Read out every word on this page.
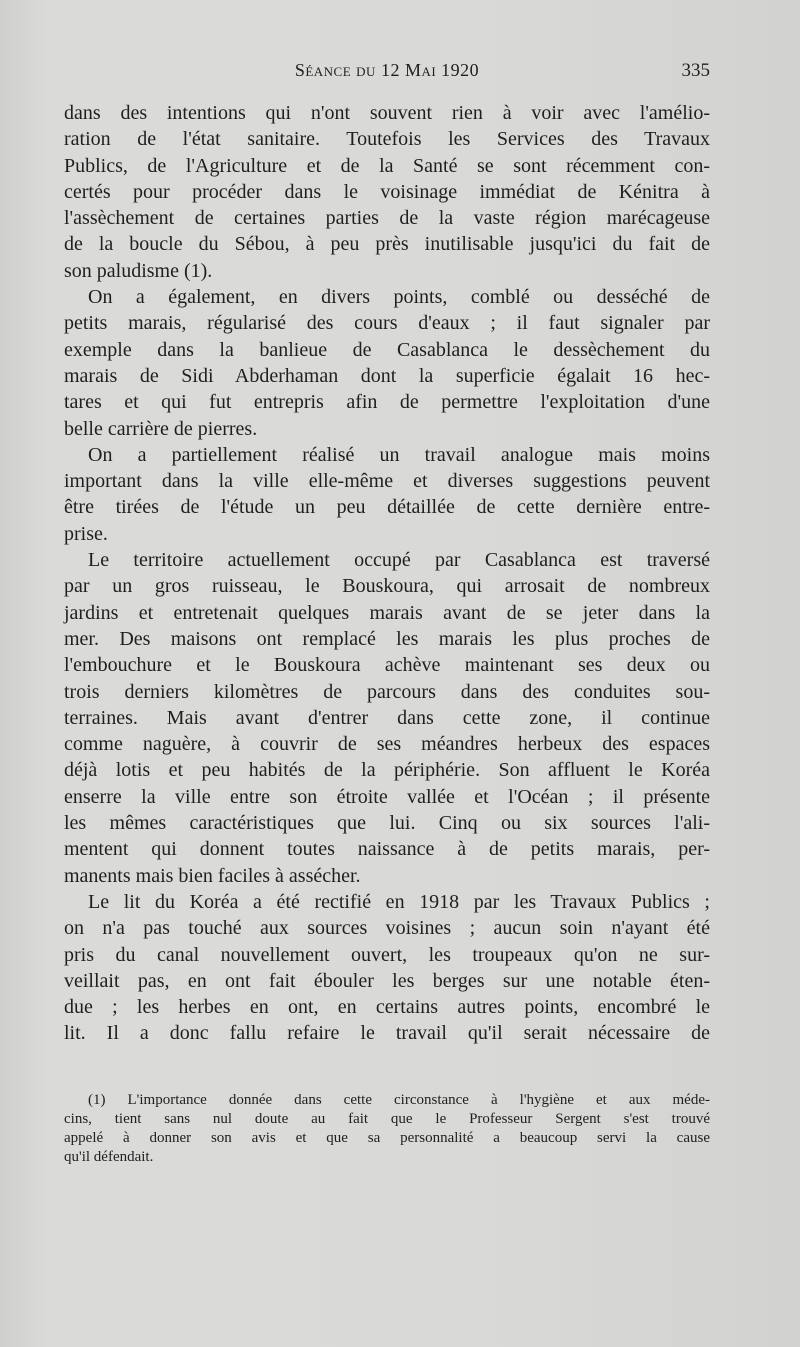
Séance du 12 Mai 1920	335

dans des intentions qui n'ont souvent rien à voir avec l'amélio-
ration de l'état sanitaire. Toutefois les Services des Travaux
Publics, de l'Agriculture et de la Santé se sont récemment con-
certés pour procéder dans le voisinage immédiat de Kénitra à
l'assèchement de certaines parties de la vaste région marécageuse
de la boucle du Sébou, à peu près inutilisable jusqu'ici du fait de
son paludisme (1).

On a également, en divers points, comblé ou desséché de
petits marais, régularisé des cours d'eaux ; il faut signaler par
exemple dans la banlieue de Casablanca le dessèchement du
marais de Sidi Abderhaman dont la superficie égalait 16 hec-
tares et qui fut entrepris afin de permettre l'exploitation d'une
belle carrière de pierres.

On a partiellement réalisé un travail analogue mais moins
important dans la ville elle-même et diverses suggestions peuvent
être tirées de l'étude un peu détaillée de cette dernière entre-
prise.

Le territoire actuellement occupé par Casablanca est traversé
par un gros ruisseau, le Bouskoura, qui arrosait de nombreux
jardins et entretenait quelques marais avant de se jeter dans la
mer. Des maisons ont remplacé les marais les plus proches de
l'embouchure et le Bouskoura achève maintenant ses deux ou
trois derniers kilomètres de parcours dans des conduites sou-
terraines. Mais avant d'entrer dans cette zone, il continue
comme naguère, à couvrir de ses méandres herbeux des espaces
déjà lotis et peu habités de la périphérie. Son affluent le Koréa
enserre la ville entre son étroite vallée et l'Océan ; il présente
les mêmes caractéristiques que lui. Cinq ou six sources l'ali-
mentent qui donnent toutes naissance à de petits marais, per-
manents mais bien faciles à assécher.

Le lit du Koréa a été rectifié en 1918 par les Travaux Publics ;
on n'a pas touché aux sources voisines ; aucun soin n'ayant été
pris du canal nouvellement ouvert, les troupeaux qu'on ne sur-
veillait pas, en ont fait ébouler les berges sur une notable éten-
due ; les herbes en ont, en certains autres points, encombré le
lit. Il a donc fallu refaire le travail qu'il serait nécessaire de

(1) L'importance donnée dans cette circonstance à l'hygiène et aux méde-
cins, tient sans nul doute au fait que le Professeur Sergent s'est trouvé
appelé à donner son avis et que sa personnalité a beaucoup servi la cause
qu'il défendait.
